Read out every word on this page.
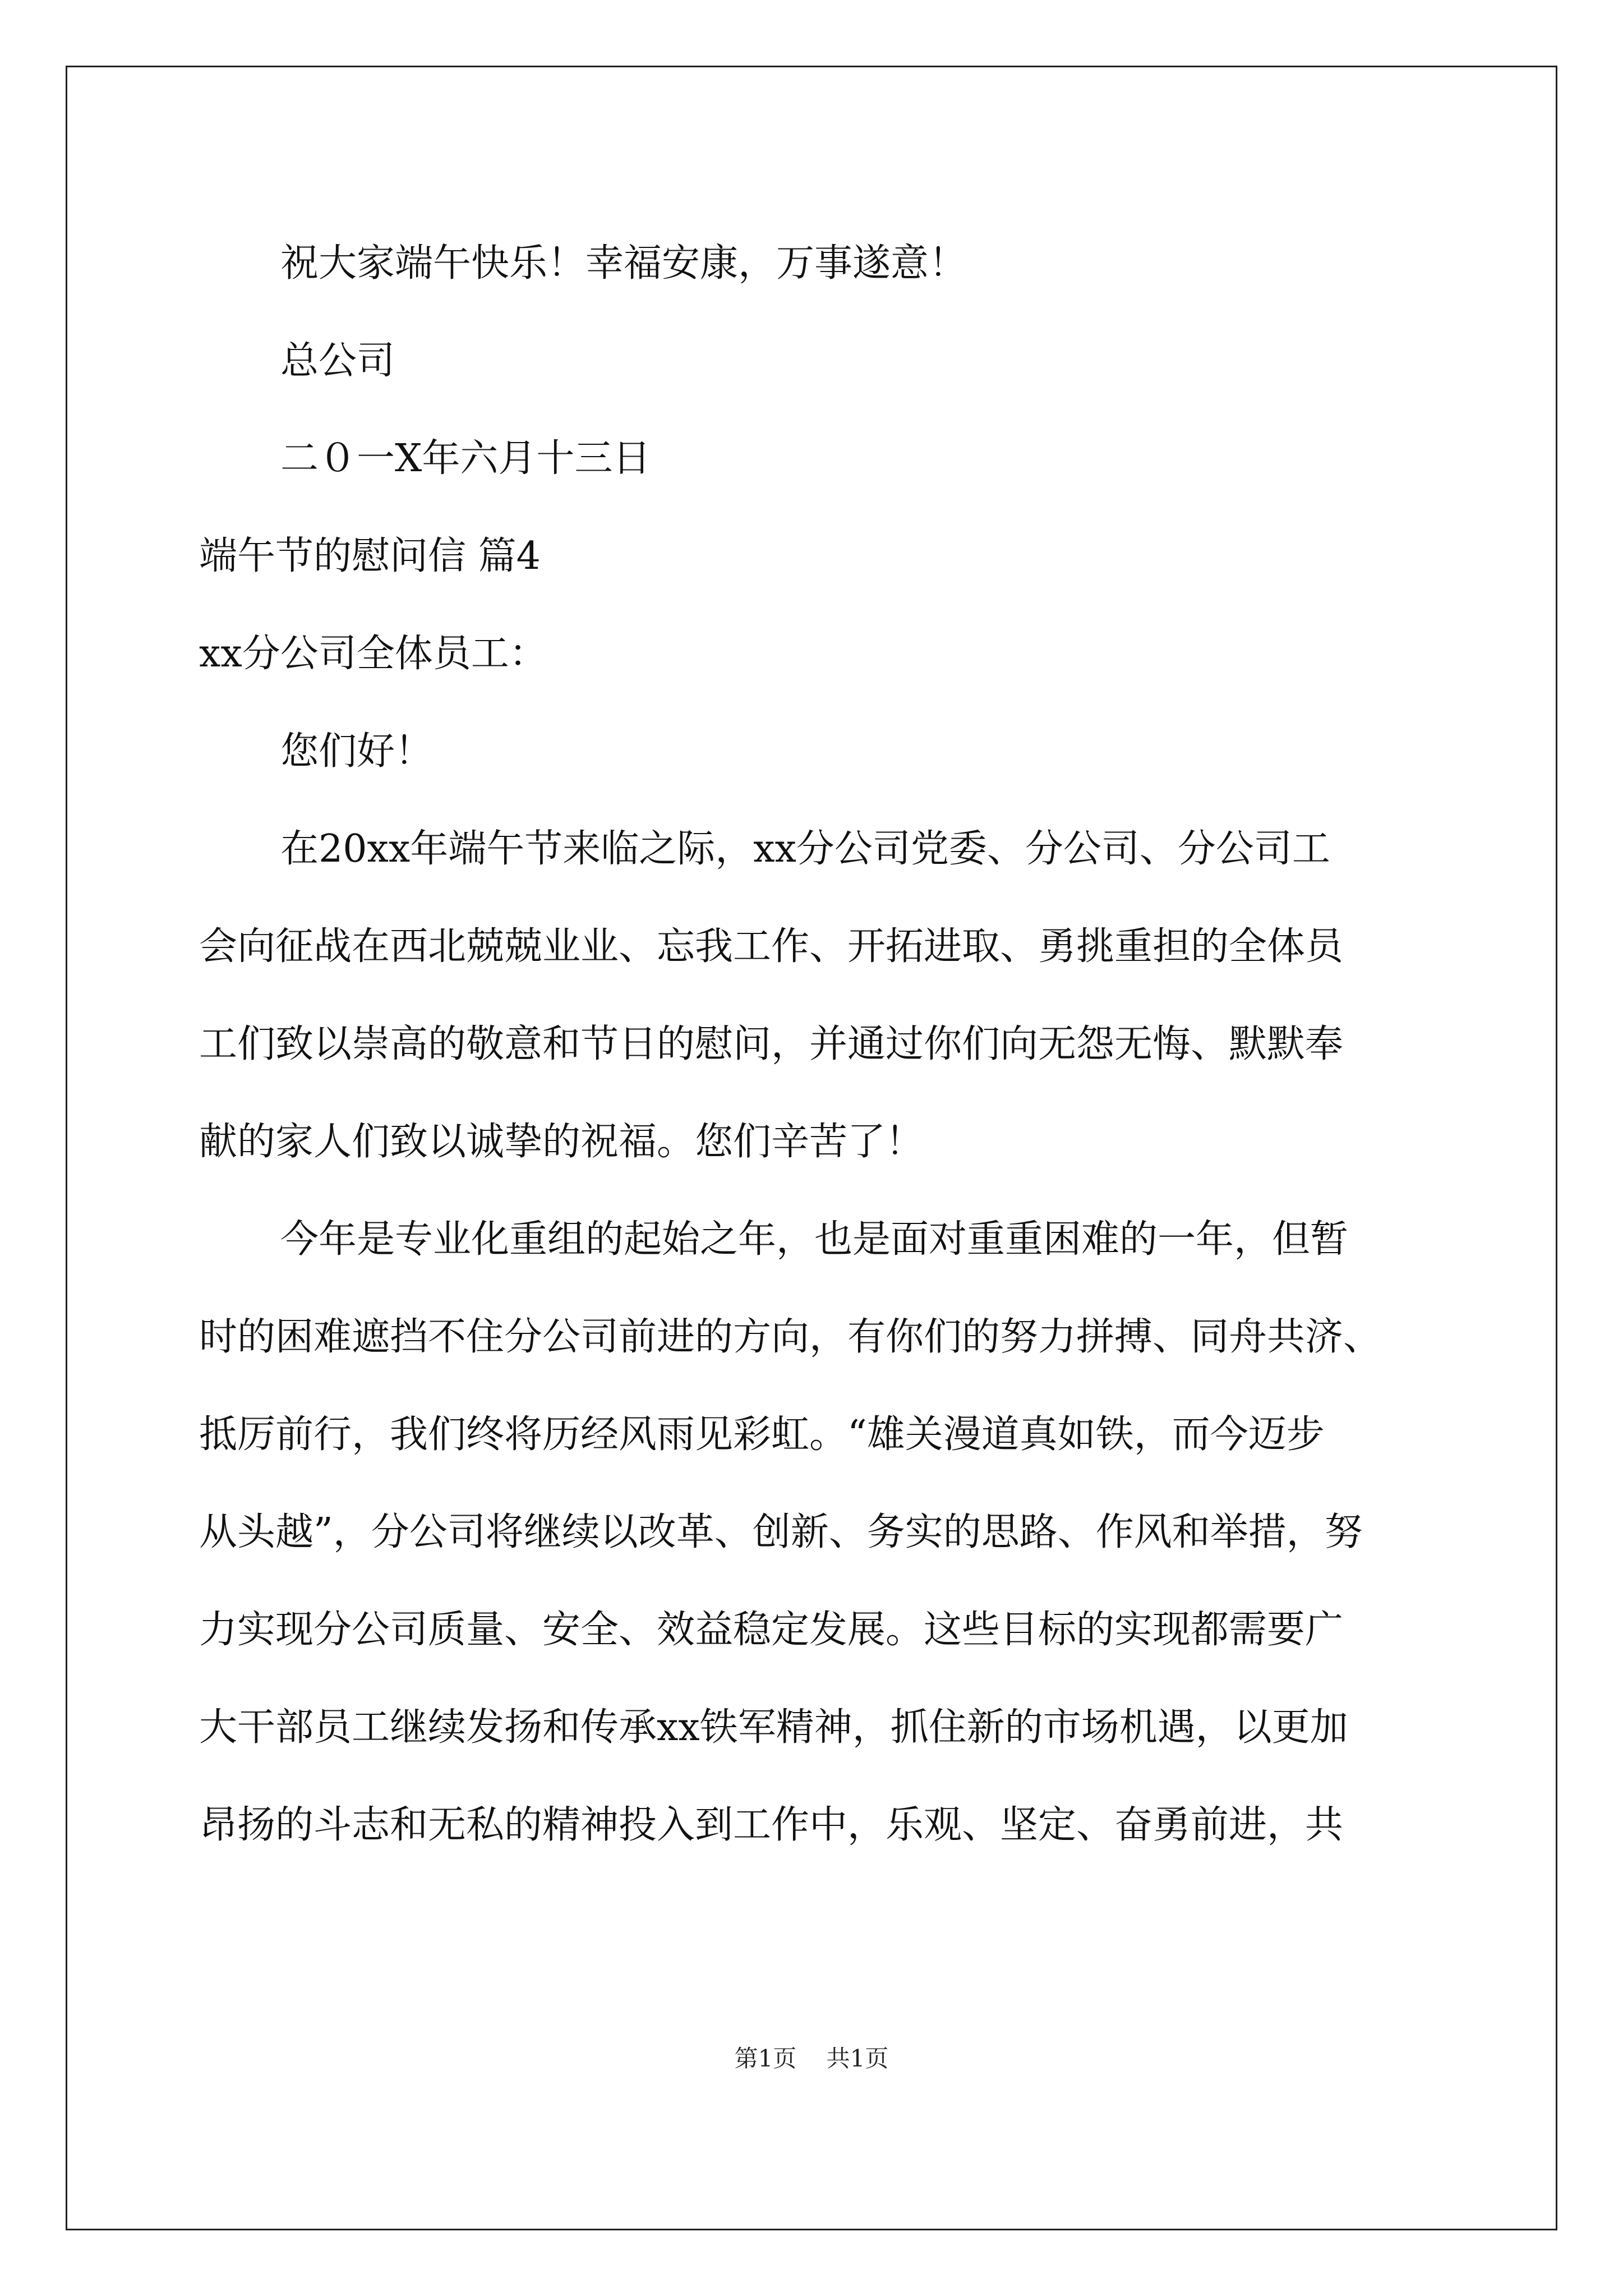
祝大家端午快乐！幸福安康，万事遂意！
总公司
二０一X年六月十三日
端午节的慰问信 篇4
xx分公司全体员工：
您们好！
在20xx年端午节来临之际，xx分公司党委、分公司、分公司工
会向征战在西北兢兢业业、忘我工作、开拓进取、勇挑重担的全体员
工们致以崇高的敬意和节日的慰问，并通过你们向无怨无悔、默默奉
献的家人们致以诚挚的祝福。您们辛苦了！
今年是专业化重组的起始之年，也是面对重重困难的一年，但暂
时的困难遮挡不住分公司前进的方向，有你们的努力拼搏、同舟共济、
抵厉前行，我们终将历经风雨见彩虹。“雄关漫道真如铁，而今迈步
从头越”，分公司将继续以改革、创新、务实的思路、作风和举措，努
力实现分公司质量、安全、效益稳定发展。这些目标的实现都需要广
大干部员工继续发扬和传承xx铁军精神，抓住新的市场机遇，以更加
昂扬的斗志和无私的精神投入到工作中，乐观、坚定、奋勇前进，共
第1页 共1页
